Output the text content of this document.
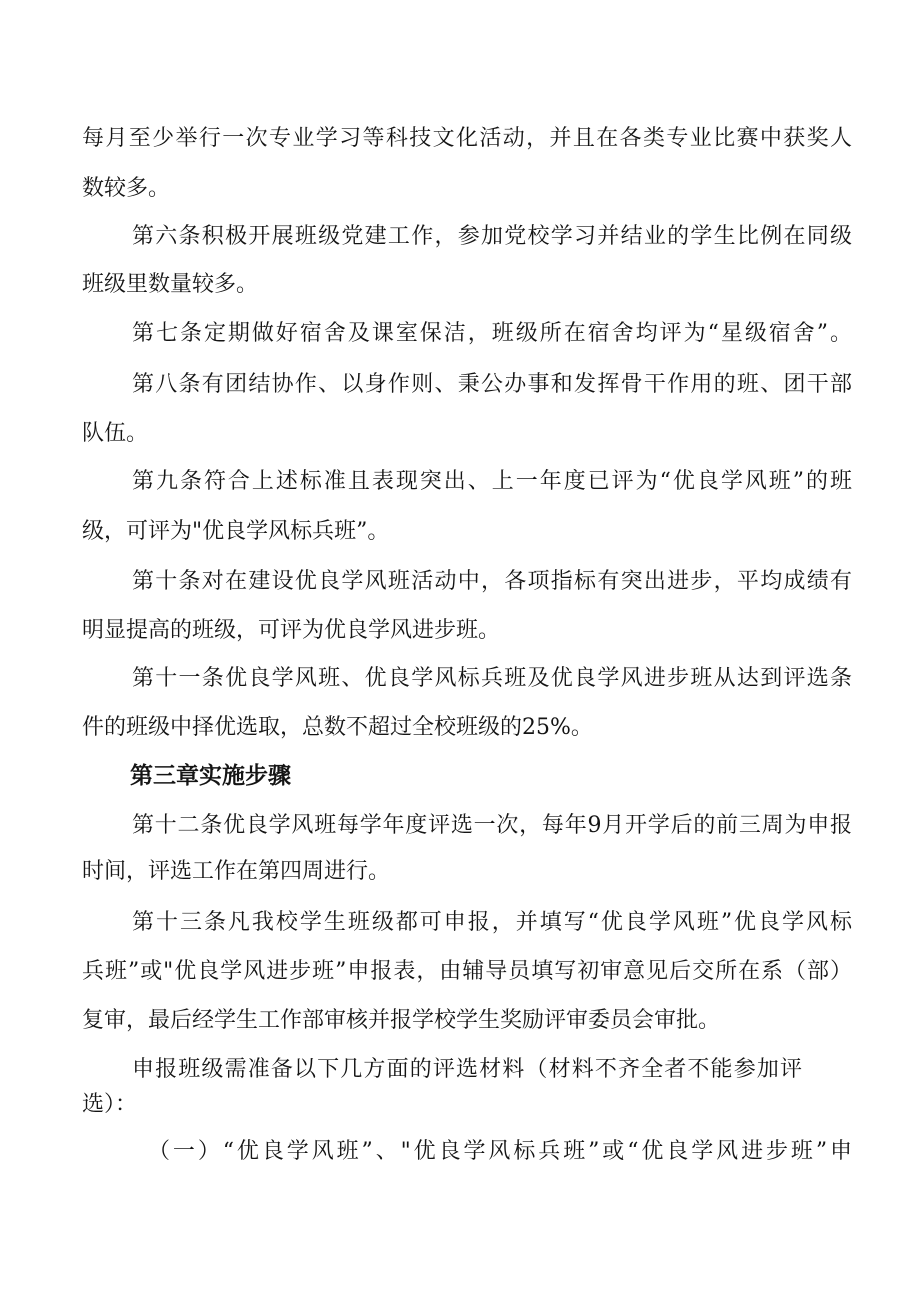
每月至少举行一次专业学习等科技文化活动，并且在各类专业比赛中获奖人
数较多。
第六条积极开展班级党建工作，参加党校学习并结业的学生比例在同级
班级里数量较多。
第七条定期做好宿舍及课室保洁，班级所在宿舍均评为“星级宿舍”。
第八条有团结协作、以身作则、秉公办事和发挥骨干作用的班、团干部
队伍。
第九条符合上述标准且表现突出、上一年度已评为“优良学风班”的班
级，可评为"优良学风标兵班”。
第十条对在建设优良学风班活动中，各项指标有突出进步，平均成绩有
明显提高的班级，可评为优良学风进步班。
第十一条优良学风班、优良学风标兵班及优良学风进步班从达到评选条
件的班级中择优选取，总数不超过全校班级的25%。
第三章实施步骤
第十二条优良学风班每学年度评选一次，每年9月开学后的前三周为申报
时间，评选工作在第四周进行。
第十三条凡我校学生班级都可申报，并填写“优良学风班”优良学风标
兵班”或"优良学风进步班”申报表，由辅导员填写初审意见后交所在系（部）
复审，最后经学生工作部审核并报学校学生奖励评审委员会审批。
申报班级需准备以下几方面的评选材料（材料不齐全者不能参加评
选）：
（一）“优良学风班”、"优良学风标兵班”或“优良学风进步班”申
